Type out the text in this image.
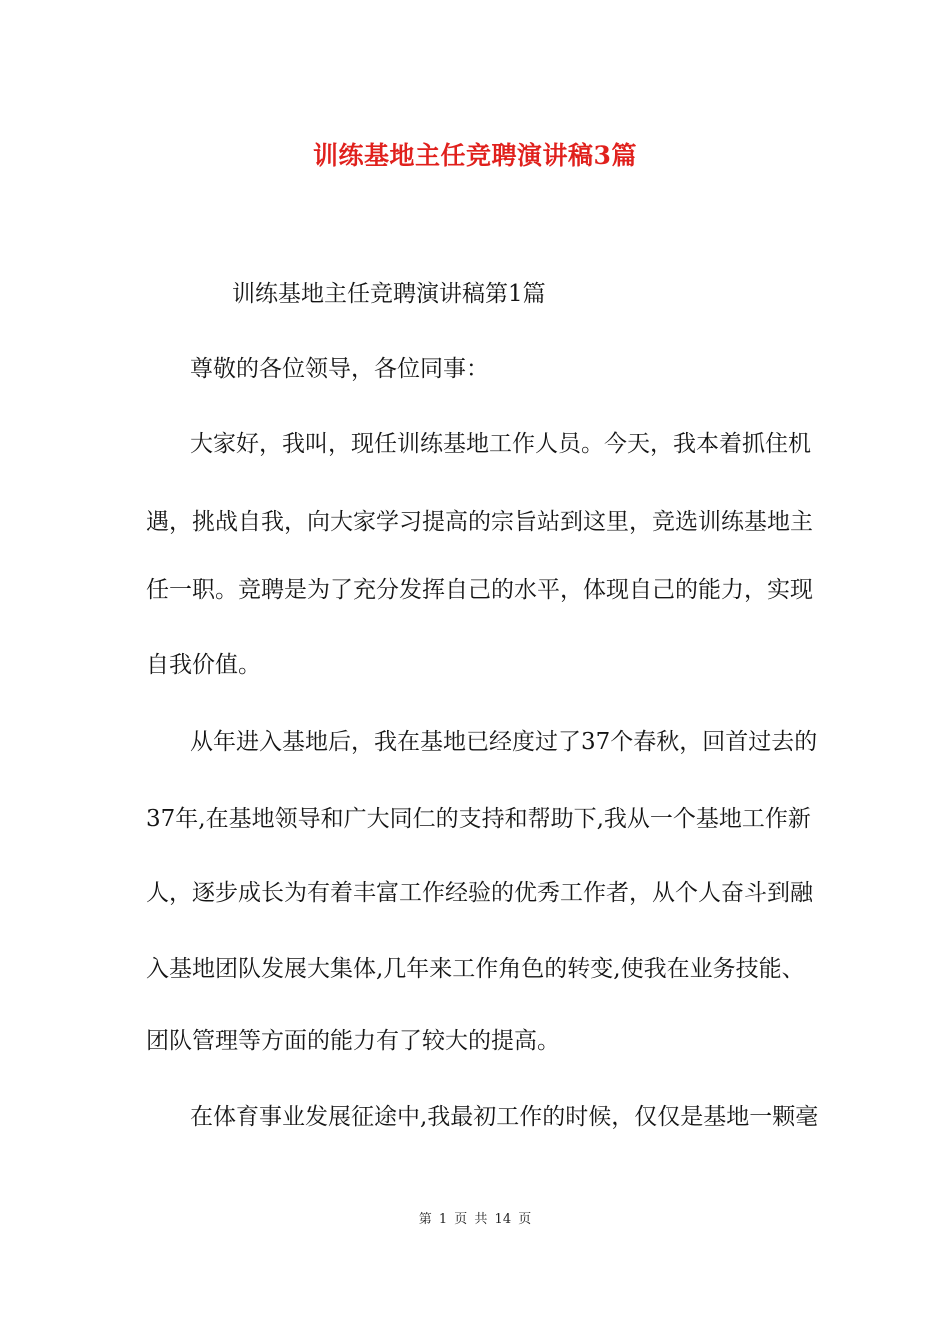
训练基地主任竞聘演讲稿3篇
训练基地主任竞聘演讲稿第1篇
尊敬的各位领导，各位同事：
大家好，我叫，现任训练基地工作人员。今天，我本着抓住机
遇，挑战自我，向大家学习提高的宗旨站到这里，竞选训练基地主
任一职。竞聘是为了充分发挥自己的水平，体现自己的能力，实现
自我价值。
从年进入基地后，我在基地已经度过了37个春秋，回首过去的
37年,在基地领导和广大同仁的支持和帮助下,我从一个基地工作新
人，逐步成长为有着丰富工作经验的优秀工作者，从个人奋斗到融
入基地团队发展大集体,几年来工作角色的转变,使我在业务技能、
团队管理等方面的能力有了较大的提高。
在体育事业发展征途中,我最初工作的时候，仅仅是基地一颗毫
第 1 页 共 14 页
